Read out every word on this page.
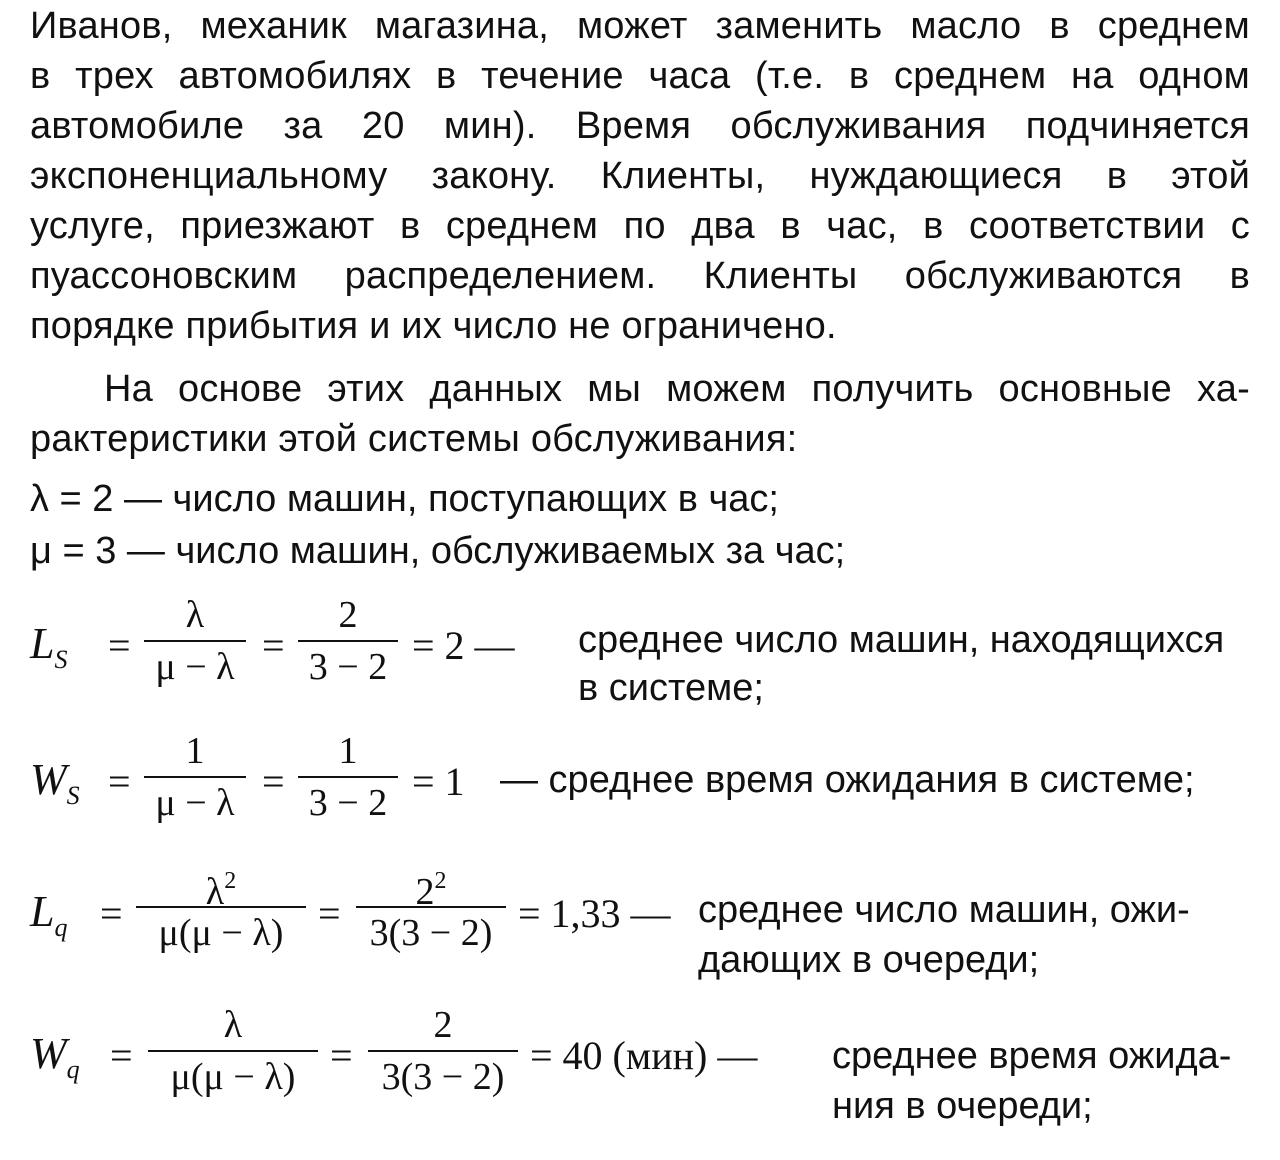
Иванов, механик магазина, может заменить масло в среднем
в трех автомобилях в течение часа (т.е. в среднем на одном
автомобиле за 20 мин). Время обслуживания подчиняется
экспоненциальному закону. Клиенты, нуждающиеся в этой
услуге, приезжают в среднем по два в час, в соответствии с
пуассоновским распределением. Клиенты обслуживаются в
порядке прибытия и их число не ограничено.
На основе этих данных мы можем получить основные ха-
рактеристики этой системы обслуживания:
λ = 2 — число машин, поступающих в час;
μ = 3 — число машин, обслуживаемых за час;
$L_S$ =
λ
μ − λ =
2
3 − 2 = 2 — среднее число машин, находящихся
в системе;
$W_S$ =
1
μ − λ =
1
3 − 2 = 1 — среднее время ожидания в системе;
$L_q$ =	$\lambda^2$
μ(μ − λ) =	$2^2$
3(3 − 2) = 1,33 — среднее число машин, ожи-
дающих в очереди;
$W_q$ =
λ
μ(μ − λ) =
2
3(3 − 2) = 40 (мин) — среднее время ожида-
ния в очереди;
